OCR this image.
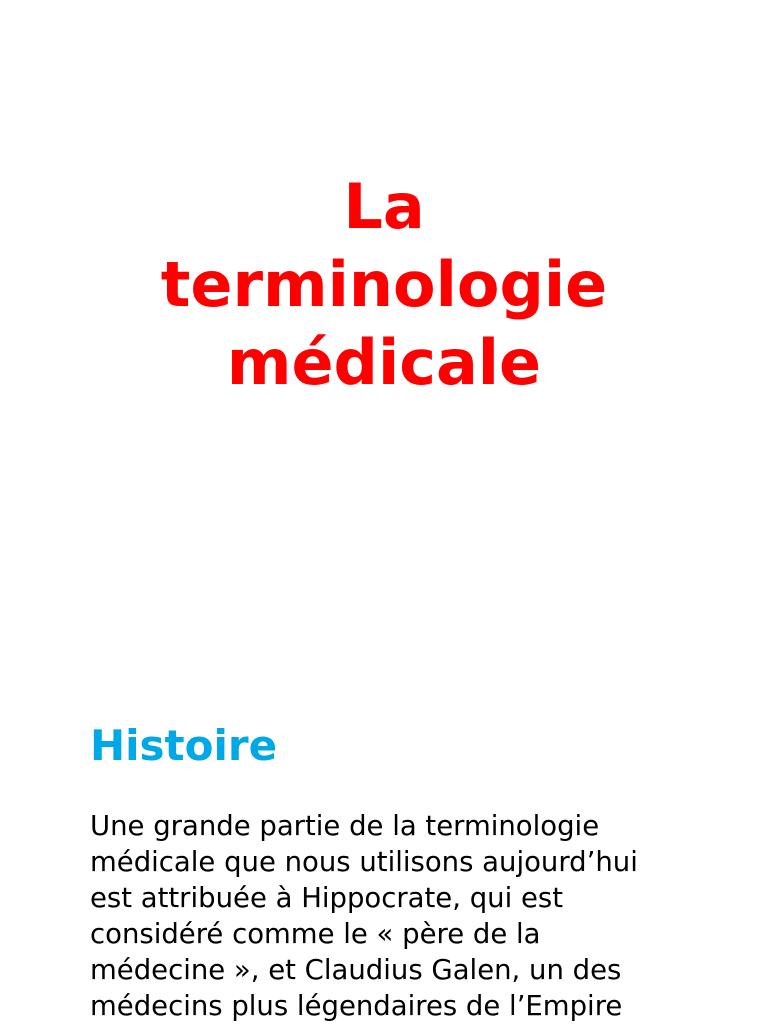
La
terminologie
médicale
Histoire

Une grande partie de la terminologie
médicale que nous utilisons aujourd’hui
est attribuée à Hippocrate, qui est
considéré comme le « père de la
médecine », et Claudius Galen, un des
médecins plus légendaires de l’Empire
